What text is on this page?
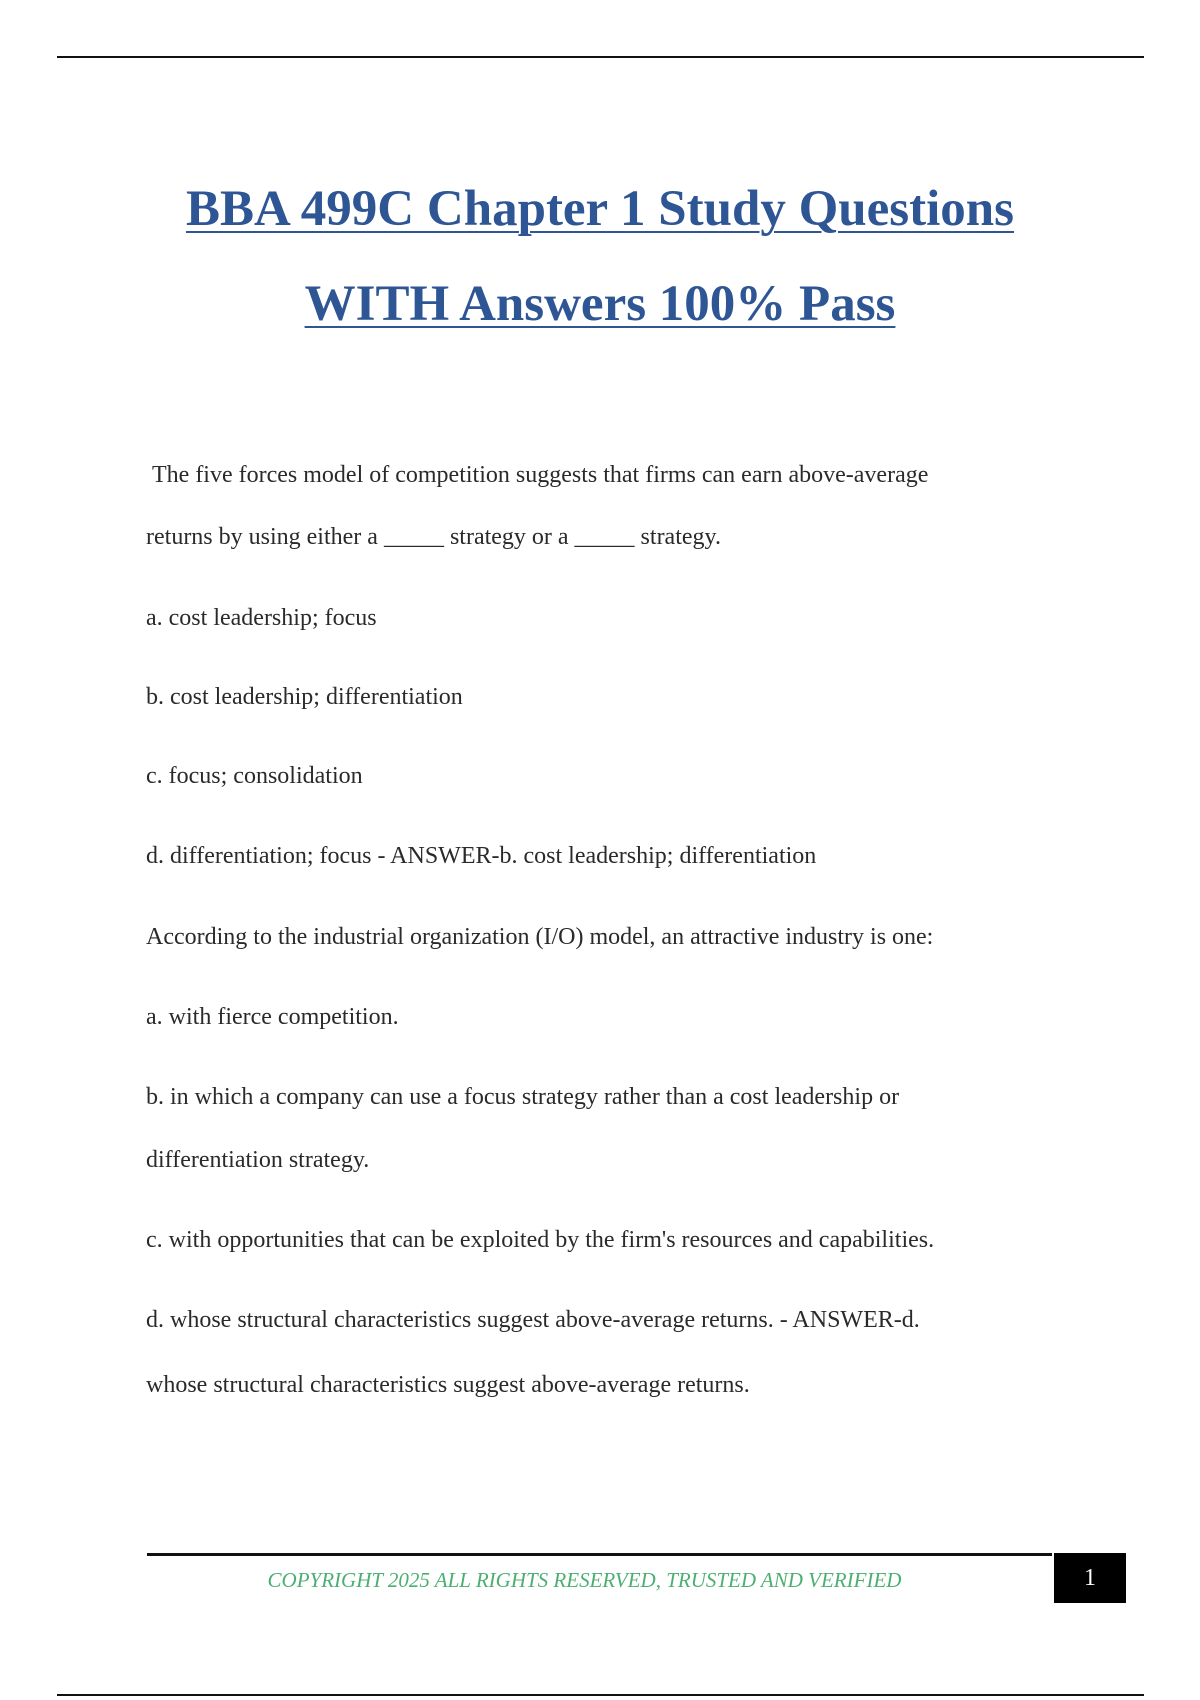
BBA 499C Chapter 1 Study Questions
WITH Answers 100% Pass

The five forces model of competition suggests that firms can earn above-average

returns by using either a _____ strategy or a _____ strategy.

a. cost leadership; focus

b. cost leadership; differentiation

c. focus; consolidation

d. differentiation; focus - ANSWER-b. cost leadership; differentiation

According to the industrial organization (I/O) model, an attractive industry is one:

a. with fierce competition.

b. in which a company can use a focus strategy rather than a cost leadership or

differentiation strategy.

c. with opportunities that can be exploited by the firm's resources and capabilities.

d. whose structural characteristics suggest above-average returns. - ANSWER-d.

whose structural characteristics suggest above-average returns.

COPYRIGHT 2025 ALL RIGHTS RESERVED, TRUSTED AND VERIFIED	1
